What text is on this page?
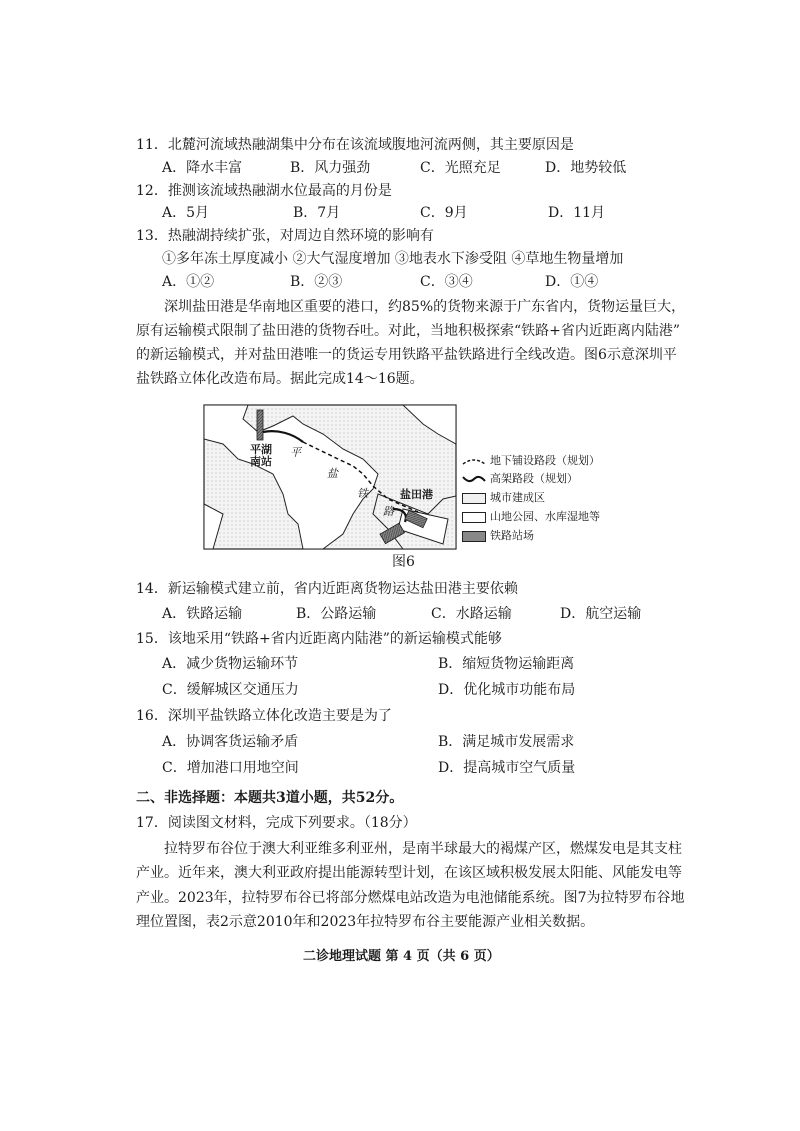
11．北麓河流域热融湖集中分布在该流域腹地河流两侧，其主要原因是
A．降水丰富	B．风力强劲	C．光照充足	D．地势较低
12．推测该流域热融湖水位最高的月份是
A．5月	B．7月	C．9月	D．11月
13．热融湖持续扩张，对周边自然环境的影响有
①多年冻土厚度减小 ②大气湿度增加 ③地表水下渗受阻 ④草地生物量增加
A．①②	B．②③	C．③④	D．①④
深圳盐田港是华南地区重要的港口，约85%的货物来源于广东省内，货物运量巨大，
原有运输模式限制了盐田港的货物吞吐。对此，当地积极探索“铁路+省内近距离内陆港”
的新运输模式，并对盐田港唯一的货运专用铁路平盐铁路进行全线改造。图6示意深圳平
盐铁路立体化改造布局。据此完成14～16题。
平湖
南站
平
盐
铁
路
盐田港
地下铺设路段（规划）
高架路段（规划）
城市建成区
山地公园、水库湿地等
铁路站场
图6
14．新运输模式建立前，省内近距离货物运达盐田港主要依赖
A．铁路运输	B．公路运输	C．水路运输	D．航空运输
15．该地采用“铁路+省内近距离内陆港”的新运输模式能够
A．减少货物运输环节	B．缩短货物运输距离
C．缓解城区交通压力	D．优化城市功能布局
16．深圳平盐铁路立体化改造主要是为了
A．协调客货运输矛盾	B．满足城市发展需求
C．增加港口用地空间	D．提高城市空气质量
二、非选择题：本题共3道小题，共52分。
17．阅读图文材料，完成下列要求。（18分）
拉特罗布谷位于澳大利亚维多利亚州，是南半球最大的褐煤产区，燃煤发电是其支柱
产业。近年来，澳大利亚政府提出能源转型计划，在该区域积极发展太阳能、风能发电等
产业。2023年，拉特罗布谷已将部分燃煤电站改造为电池储能系统。图7为拉特罗布谷地
理位置图，表2示意2010年和2023年拉特罗布谷主要能源产业相关数据。
二诊地理试题 第 4 页（共 6 页）
